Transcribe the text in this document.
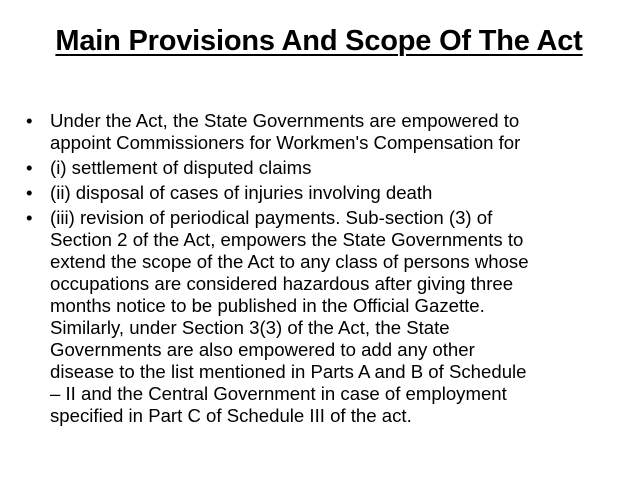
Main Provisions And Scope Of The Act
• Under the Act, the State Governments are empowered to
appoint Commissioners for Workmen's Compensation for
• (i) settlement of disputed claims
• (ii) disposal of cases of injuries involving death
• (iii) revision of periodical payments. Sub-section (3) of
Section 2 of the Act, empowers the State Governments to
extend the scope of the Act to any class of persons whose
occupations are considered hazardous after giving three
months notice to be published in the Official Gazette.
Similarly, under Section 3(3) of the Act, the State
Governments are also empowered to add any other
disease to the list mentioned in Parts A and B of Schedule
– II and the Central Government in case of employment
specified in Part C of Schedule III of the act.
